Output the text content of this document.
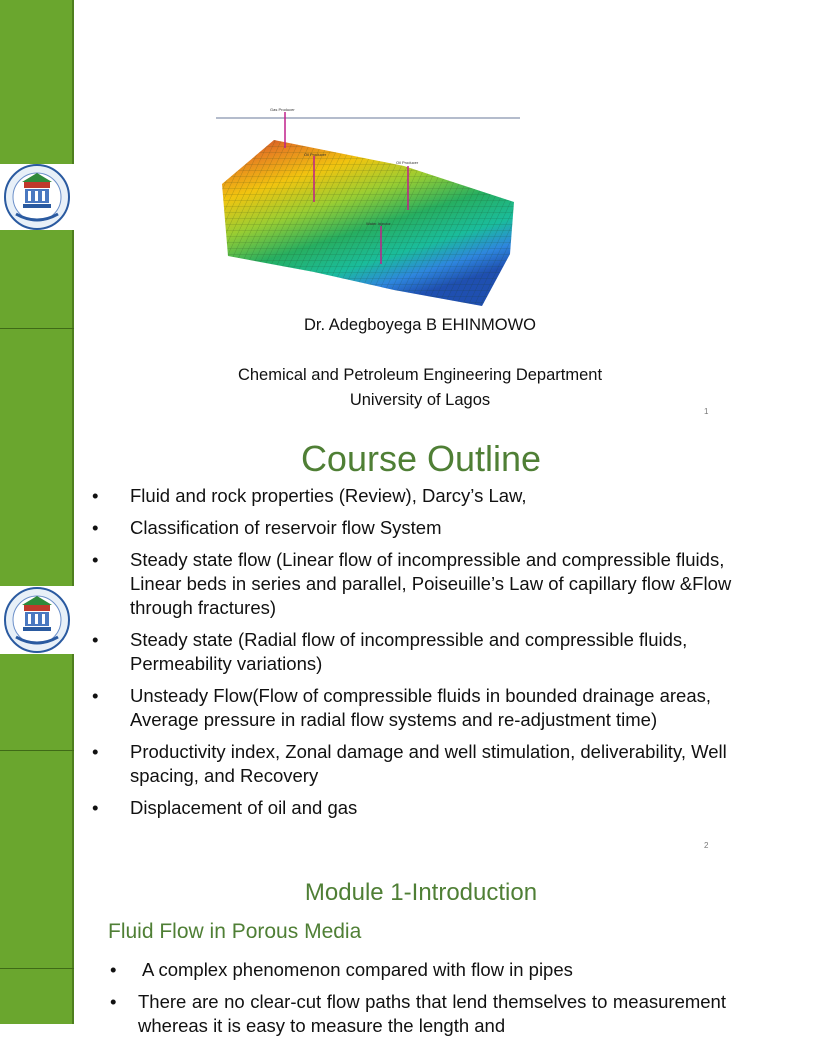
Gas Producer
Oil Producer
Oil Producer
Water Injector
Dr. Adegboyega B EHINMOWO
Chemical and Petroleum Engineering Department
University of Lagos
1
Course Outline
• Fluid and rock properties (Review), Darcy’s Law,
• Classification of reservoir flow System
• Steady state flow (Linear flow of incompressible and compressible fluids, Linear beds in series and parallel, Poiseuille’s Law of capillary flow &Flow through fractures)
• Steady state (Radial flow of incompressible and compressible fluids, Permeability variations)
• Unsteady Flow(Flow of compressible fluids in bounded drainage areas, Average pressure in radial flow systems and re-adjustment time)
• Productivity index, Zonal damage and well stimulation, deliverability, Well spacing, and Recovery
• Displacement of oil and gas
2
Module 1-Introduction
Fluid Flow in Porous Media
• A complex phenomenon compared with flow in pipes
• There are no clear-cut flow paths that lend themselves to measurement whereas it is easy to measure the length and
